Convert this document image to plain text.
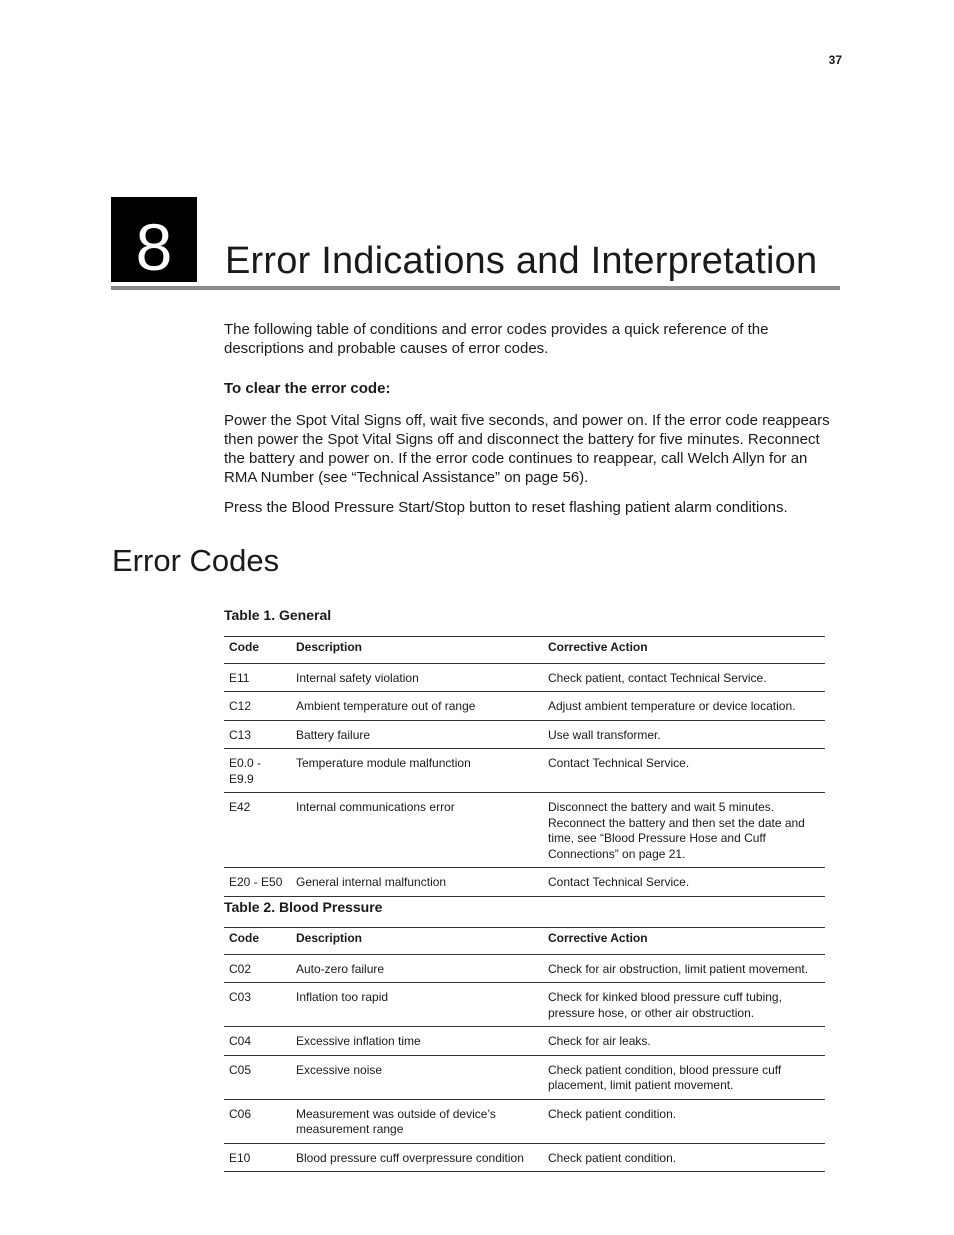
37
8 Error Indications and Interpretation

The following table of conditions and error codes provides a quick reference of the descriptions and probable causes of error codes.

To clear the error code:

Power the Spot Vital Signs off, wait five seconds, and power on. If the error code reappears then power the Spot Vital Signs off and disconnect the battery for five minutes. Reconnect the battery and power on. If the error code continues to reappear, call Welch Allyn for an RMA Number (see “Technical Assistance” on page 56).

Press the Blood Pressure Start/Stop button to reset flashing patient alarm conditions.

Error Codes
Table 1. General
Code	Description	Corrective Action
E11	Internal safety violation	Check patient, contact Technical Service.
C12	Ambient temperature out of range	Adjust ambient temperature or device location.
C13	Battery failure	Use wall transformer.
E0.0 - E9.9	Temperature module malfunction	Contact Technical Service.
E42	Internal communications error	Disconnect the battery and wait 5 minutes. Reconnect the battery and then set the date and time, see “Blood Pressure Hose and Cuff Connections” on page 21.
E20 - E50	General internal malfunction	Contact Technical Service.
Table 2. Blood Pressure
Code	Description	Corrective Action
C02	Auto-zero failure	Check for air obstruction, limit patient movement.
C03	Inflation too rapid	Check for kinked blood pressure cuff tubing, pressure hose, or other air obstruction.
C04	Excessive inflation time	Check for air leaks.
C05	Excessive noise	Check patient condition, blood pressure cuff placement, limit patient movement.
C06	Measurement was outside of device’s measurement range	Check patient condition.
E10	Blood pressure cuff overpressure condition	Check patient condition.
